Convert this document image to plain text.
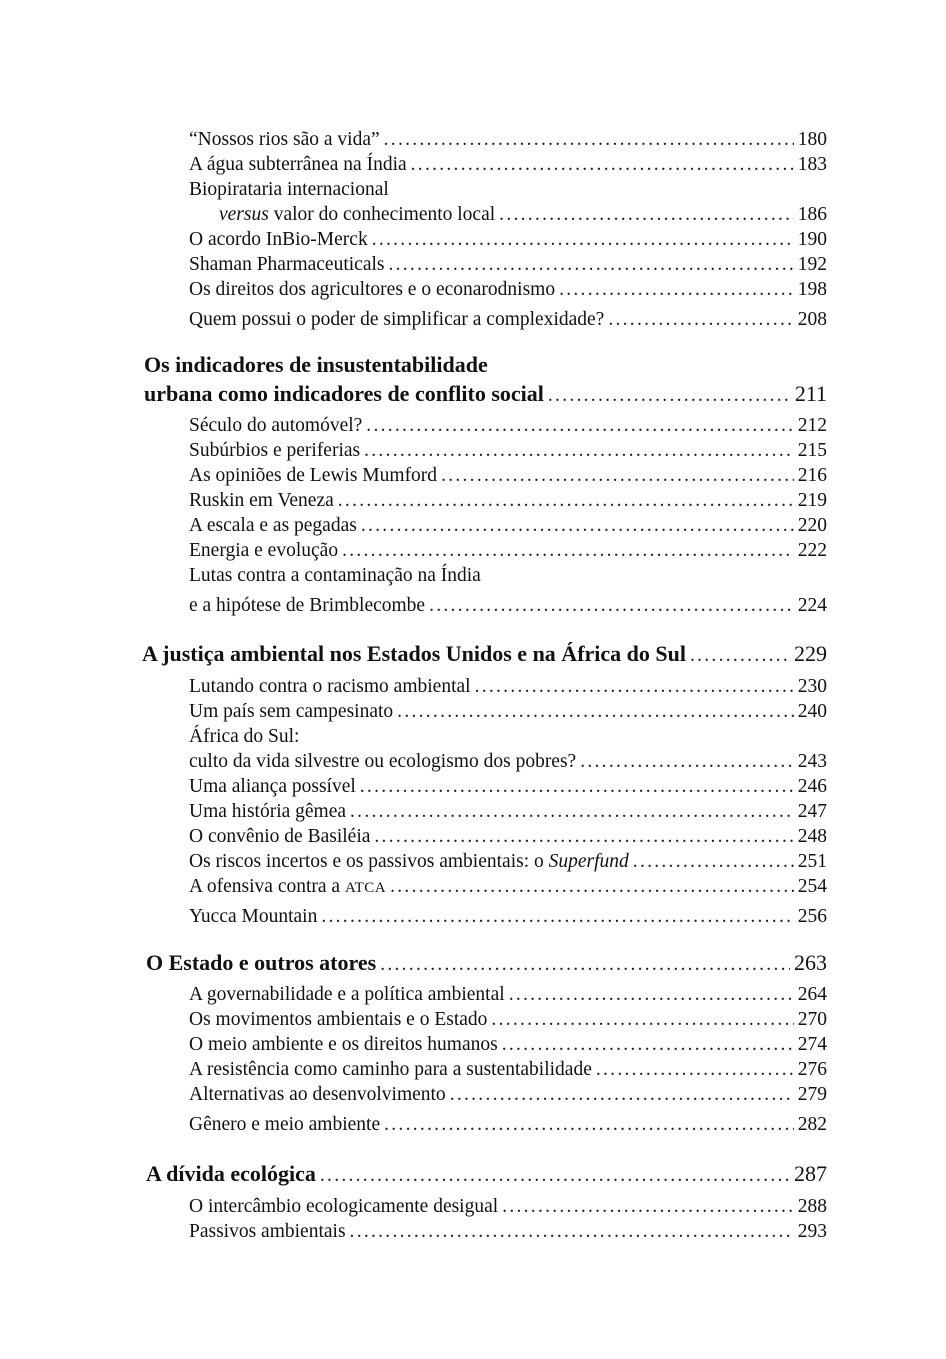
“Nossos rios são a vida” . . .	180
A água subterrânea na Índia . . .	183
Biopirataria internacional
versus valor do conhecimento local . . .	186
O acordo InBio-Merck . . .	190
Shaman Pharmaceuticals . . .	192
Os direitos dos agricultores e o econarodnismo . . .	198
Quem possui o poder de simplificar a complexidade? . . .	208
Os indicadores de insustentabilidade
urbana como indicadores de conflito social . . .	211
Século do automóvel? . . .	212
Subúrbios e periferias . . .	215
As opiniões de Lewis Mumford . . .	216
Ruskin em Veneza . . .	219
A escala e as pegadas . . .	220
Energia e evolução . . .	222
Lutas contra a contaminação na Índia
e a hipótese de Brimblecombe . . .	224
A justiça ambiental nos Estados Unidos e na África do Sul . . .	229
Lutando contra o racismo ambiental . . .	230
Um país sem campesinato . . .	240
África do Sul:
culto da vida silvestre ou ecologismo dos pobres? . . .	243
Uma aliança possível . . .	246
Uma história gêmea . . .	247
O convênio de Basiléia . . .	248
Os riscos incertos e os passivos ambientais: o Superfund . . .	251
A ofensiva contra a ATCA . . .	254
Yucca Mountain . . .	256
O Estado e outros atores . . .	263
A governabilidade e a política ambiental . . .	264
Os movimentos ambientais e o Estado . . .	270
O meio ambiente e os direitos humanos . . .	274
A resistência como caminho para a sustentabilidade . . .	276
Alternativas ao desenvolvimento . . .	279
Gênero e meio ambiente . . .	282
A dívida ecológica . . .	287
O intercâmbio ecologicamente desigual . . .	288
Passivos ambientais . . .	293
